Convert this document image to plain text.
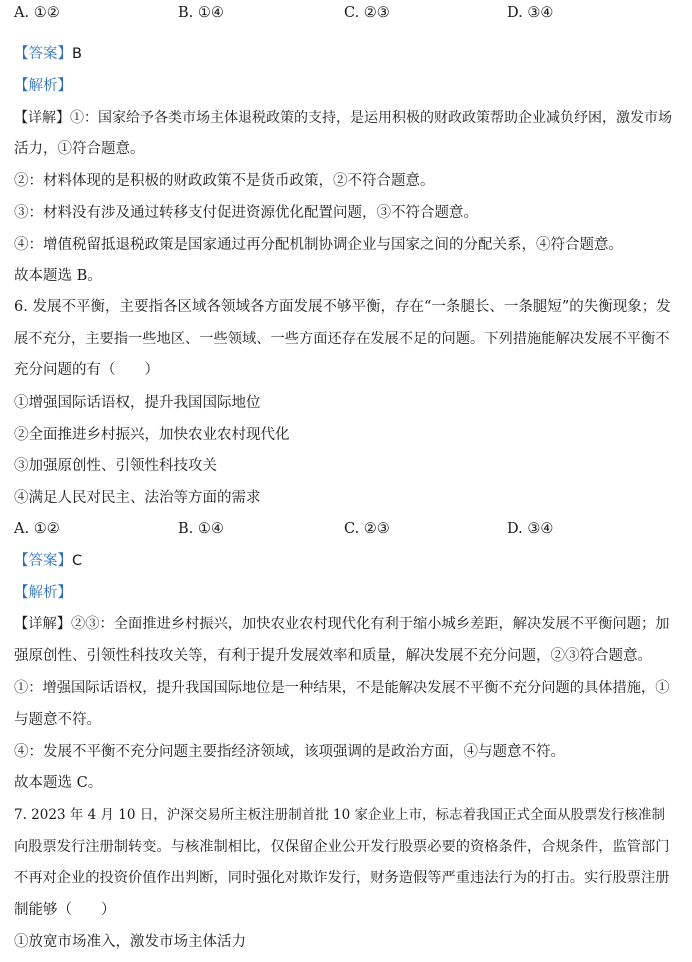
A. ①②	B. ①④	C. ②③	D. ③④
【答案】B
【解析】
【详解】①：国家给予各类市场主体退税政策的支持，是运用积极的财政政策帮助企业减负纾困，激发市场
活力，①符合题意。
②：材料体现的是积极的财政政策不是货币政策，②不符合题意。
③：材料没有涉及通过转移支付促进资源优化配置问题，③不符合题意。
④：增值税留抵退税政策是国家通过再分配机制协调企业与国家之间的分配关系，④符合题意。
故本题选 B。
6. 发展不平衡，主要指各区域各领域各方面发展不够平衡，存在“一条腿长、一条腿短”的失衡现象；发
展不充分，主要指一些地区、一些领域、一些方面还存在发展不足的问题。下列措施能解决发展不平衡不
充分问题的有（　　）
①增强国际话语权，提升我国国际地位
②全面推进乡村振兴，加快农业农村现代化
③加强原创性、引领性科技攻关
④满足人民对民主、法治等方面的需求
A. ①②	B. ①④	C. ②③	D. ③④
【答案】C
【解析】
【详解】②③：全面推进乡村振兴，加快农业农村现代化有利于缩小城乡差距，解决发展不平衡问题；加
强原创性、引领性科技攻关等，有利于提升发展效率和质量，解决发展不充分问题，②③符合题意。
①：增强国际话语权，提升我国国际地位是一种结果，不是能解决发展不平衡不充分问题的具体措施，①
与题意不符。
④：发展不平衡不充分问题主要指经济领域，该项强调的是政治方面，④与题意不符。
故本题选 C。
7. 2023 年 4 月 10 日，沪深交易所主板注册制首批 10 家企业上市，标志着我国正式全面从股票发行核准制
向股票发行注册制转变。与核准制相比，仅保留企业公开发行股票必要的资格条件，合规条件，监管部门
不再对企业的投资价值作出判断，同时强化对欺诈发行，财务造假等严重违法行为的打击。实行股票注册
制能够（　　）
①放宽市场准入，激发市场主体活力
